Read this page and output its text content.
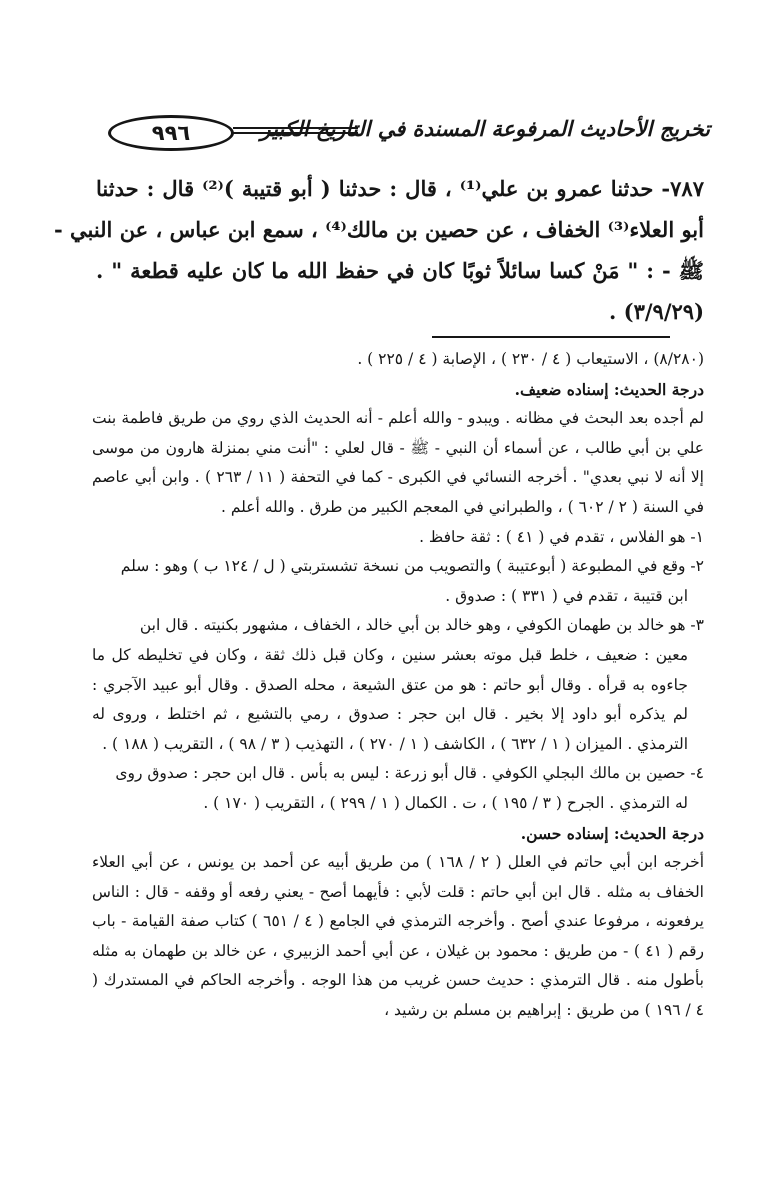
٩٩٦	تخريج الأحاديث المرفوعة المسندة في التاريخ الكبير
٧٨٧- حدثنا عمرو بن علي⁽¹⁾ ، قال : حدثنا ( أبو قتيبة )⁽²⁾ قال : حدثنا
أبو العلاء⁽³⁾ الخفاف ، عن حصين بن مالك⁽⁴⁾ ، سمع ابن عباس ، عن النبي -
ﷺ - : " مَنْ كسا سائلاً ثوبًا كان في حفظ الله ما كان عليه قطعة " .
(٣/٩/٢٩) .

(٨/٢٨٠) ، الاستيعاب ( ٤ / ٢٣٠ ) ، الإصابة ( ٤ / ٢٢٥ ) .

درجة الحديث: إسناده ضعيف.

لم أجده بعد البحث في مظانه . ويبدو - والله أعلم - أنه الحديث الذي روي من طريق فاطمة بنت علي بن أبي طالب ، عن أسماء أن النبي - ﷺ - قال لعلي : "أنت مني بمنزلة هارون من موسى إلا أنه لا نبي بعدي" . أخرجه النسائي في الكبرى - كما في التحفة ( ١١ / ٢٦٣ ) . وابن أبي عاصم في السنة ( ٢ / ٦٠٢ ) ، والطبراني في المعجم الكبير من طرق . والله أعلم .

١- هو الفلاس ، تقدم في ( ٤١ ) : ثقة حافظ .

٢- وقع في المطبوعة ( أبوعتيبة ) والتصويب من نسخة تشستربتي ( ل / ١٢٤ ب ) وهو : سلم

ابن قتيبة ، تقدم في ( ٣٣١ ) : صدوق .

٣- هو خالد بن طهمان الكوفي ، وهو خالد بن أبي خالد ، الخفاف ، مشهور بكنيته . قال ابن

معين : ضعيف ، خلط قبل موته بعشر سنين ، وكان قبل ذلك ثقة ، وكان في تخليطه كل ما جاءوه به قرأه . وقال أبو حاتم : هو من عتق الشيعة ، محله الصدق . وقال أبو عبيد الآجري : لم يذكره أبو داود إلا بخير . قال ابن حجر : صدوق ، رمي بالتشيع ، ثم اختلط ، وروى له الترمذي . الميزان ( ١ / ٦٣٢ ) ، الكاشف ( ١ / ٢٧٠ ) ، التهذيب ( ٣ / ٩٨ ) ، التقريب ( ١٨٨ ) .

٤- حصين بن مالك البجلي الكوفي . قال أبو زرعة : ليس به بأس . قال ابن حجر : صدوق روى

له الترمذي . الجرح ( ٣ / ١٩٥ ) ، ت . الكمال ( ١ / ٢٩٩ ) ، التقريب ( ١٧٠ ) .

درجة الحديث: إسناده حسن.

أخرجه ابن أبي حاتم في العلل ( ٢ / ١٦٨ ) من طريق أبيه عن أحمد بن يونس ، عن أبي العلاء الخفاف به مثله . قال ابن أبي حاتم : قلت لأبي : فأيهما أصح - يعني رفعه أو وقفه - قال : الناس يرفعونه ، مرفوعا عندي أصح . وأخرجه الترمذي في الجامع ( ٤ / ٦٥١ ) كتاب صفة القيامة - باب رقم ( ٤١ ) - من طريق : محمود بن غيلان ، عن أبي أحمد الزبيري ، عن خالد بن طهمان به مثله بأطول منه . قال الترمذي : حديث حسن غريب من هذا الوجه . وأخرجه الحاكم في المستدرك ( ٤ / ١٩٦ ) من طريق : إبراهيم بن مسلم بن رشيد ،
